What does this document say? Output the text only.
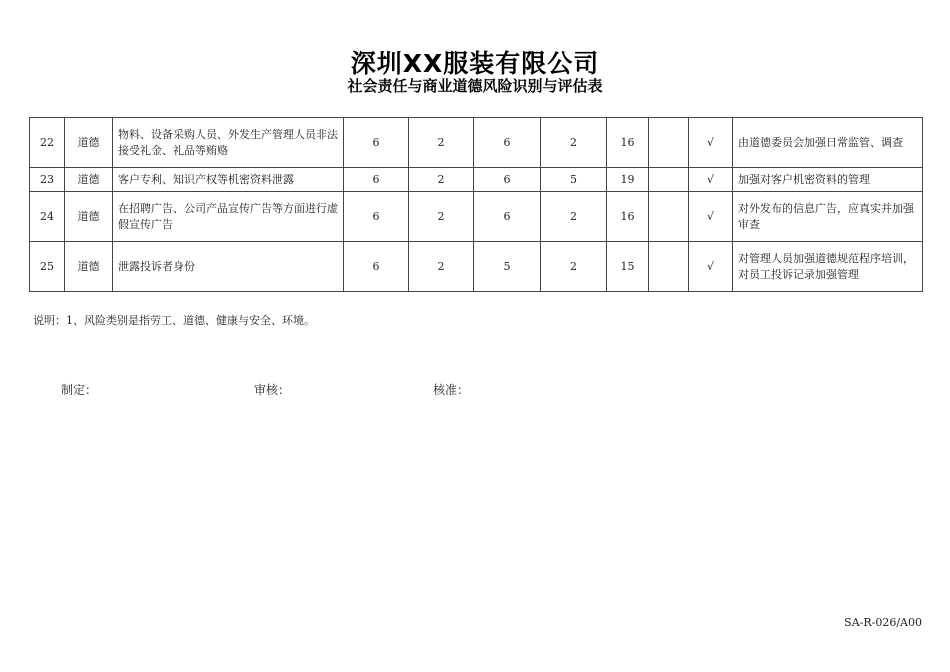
深圳XX服装有限公司
社会责任与商业道德风险识别与评估表
22	道德	物料、设备采购人员、外发生产管理人员非法接受礼金、礼品等贿赂	6	2	6	2	16		√	由道德委员会加强日常监管、调查
23	道德	客户专利、知识产权等机密资料泄露	6	2	6	5	19		√	加强对客户机密资料的管理
24	道德	在招聘广告、公司产品宣传广告等方面进行虚假宣传广告	6	2	6	2	16		√	对外发布的信息广告，应真实并加强审查
25	道德	泄露投诉者身份	6	2	5	2	15		√	对管理人员加强道德规范程序培训，对员工投诉记录加强管理
说明：1、风险类别是指劳工、道德、健康与安全、环境。
制定：	审核：	核准：
SA-R-026/A00
